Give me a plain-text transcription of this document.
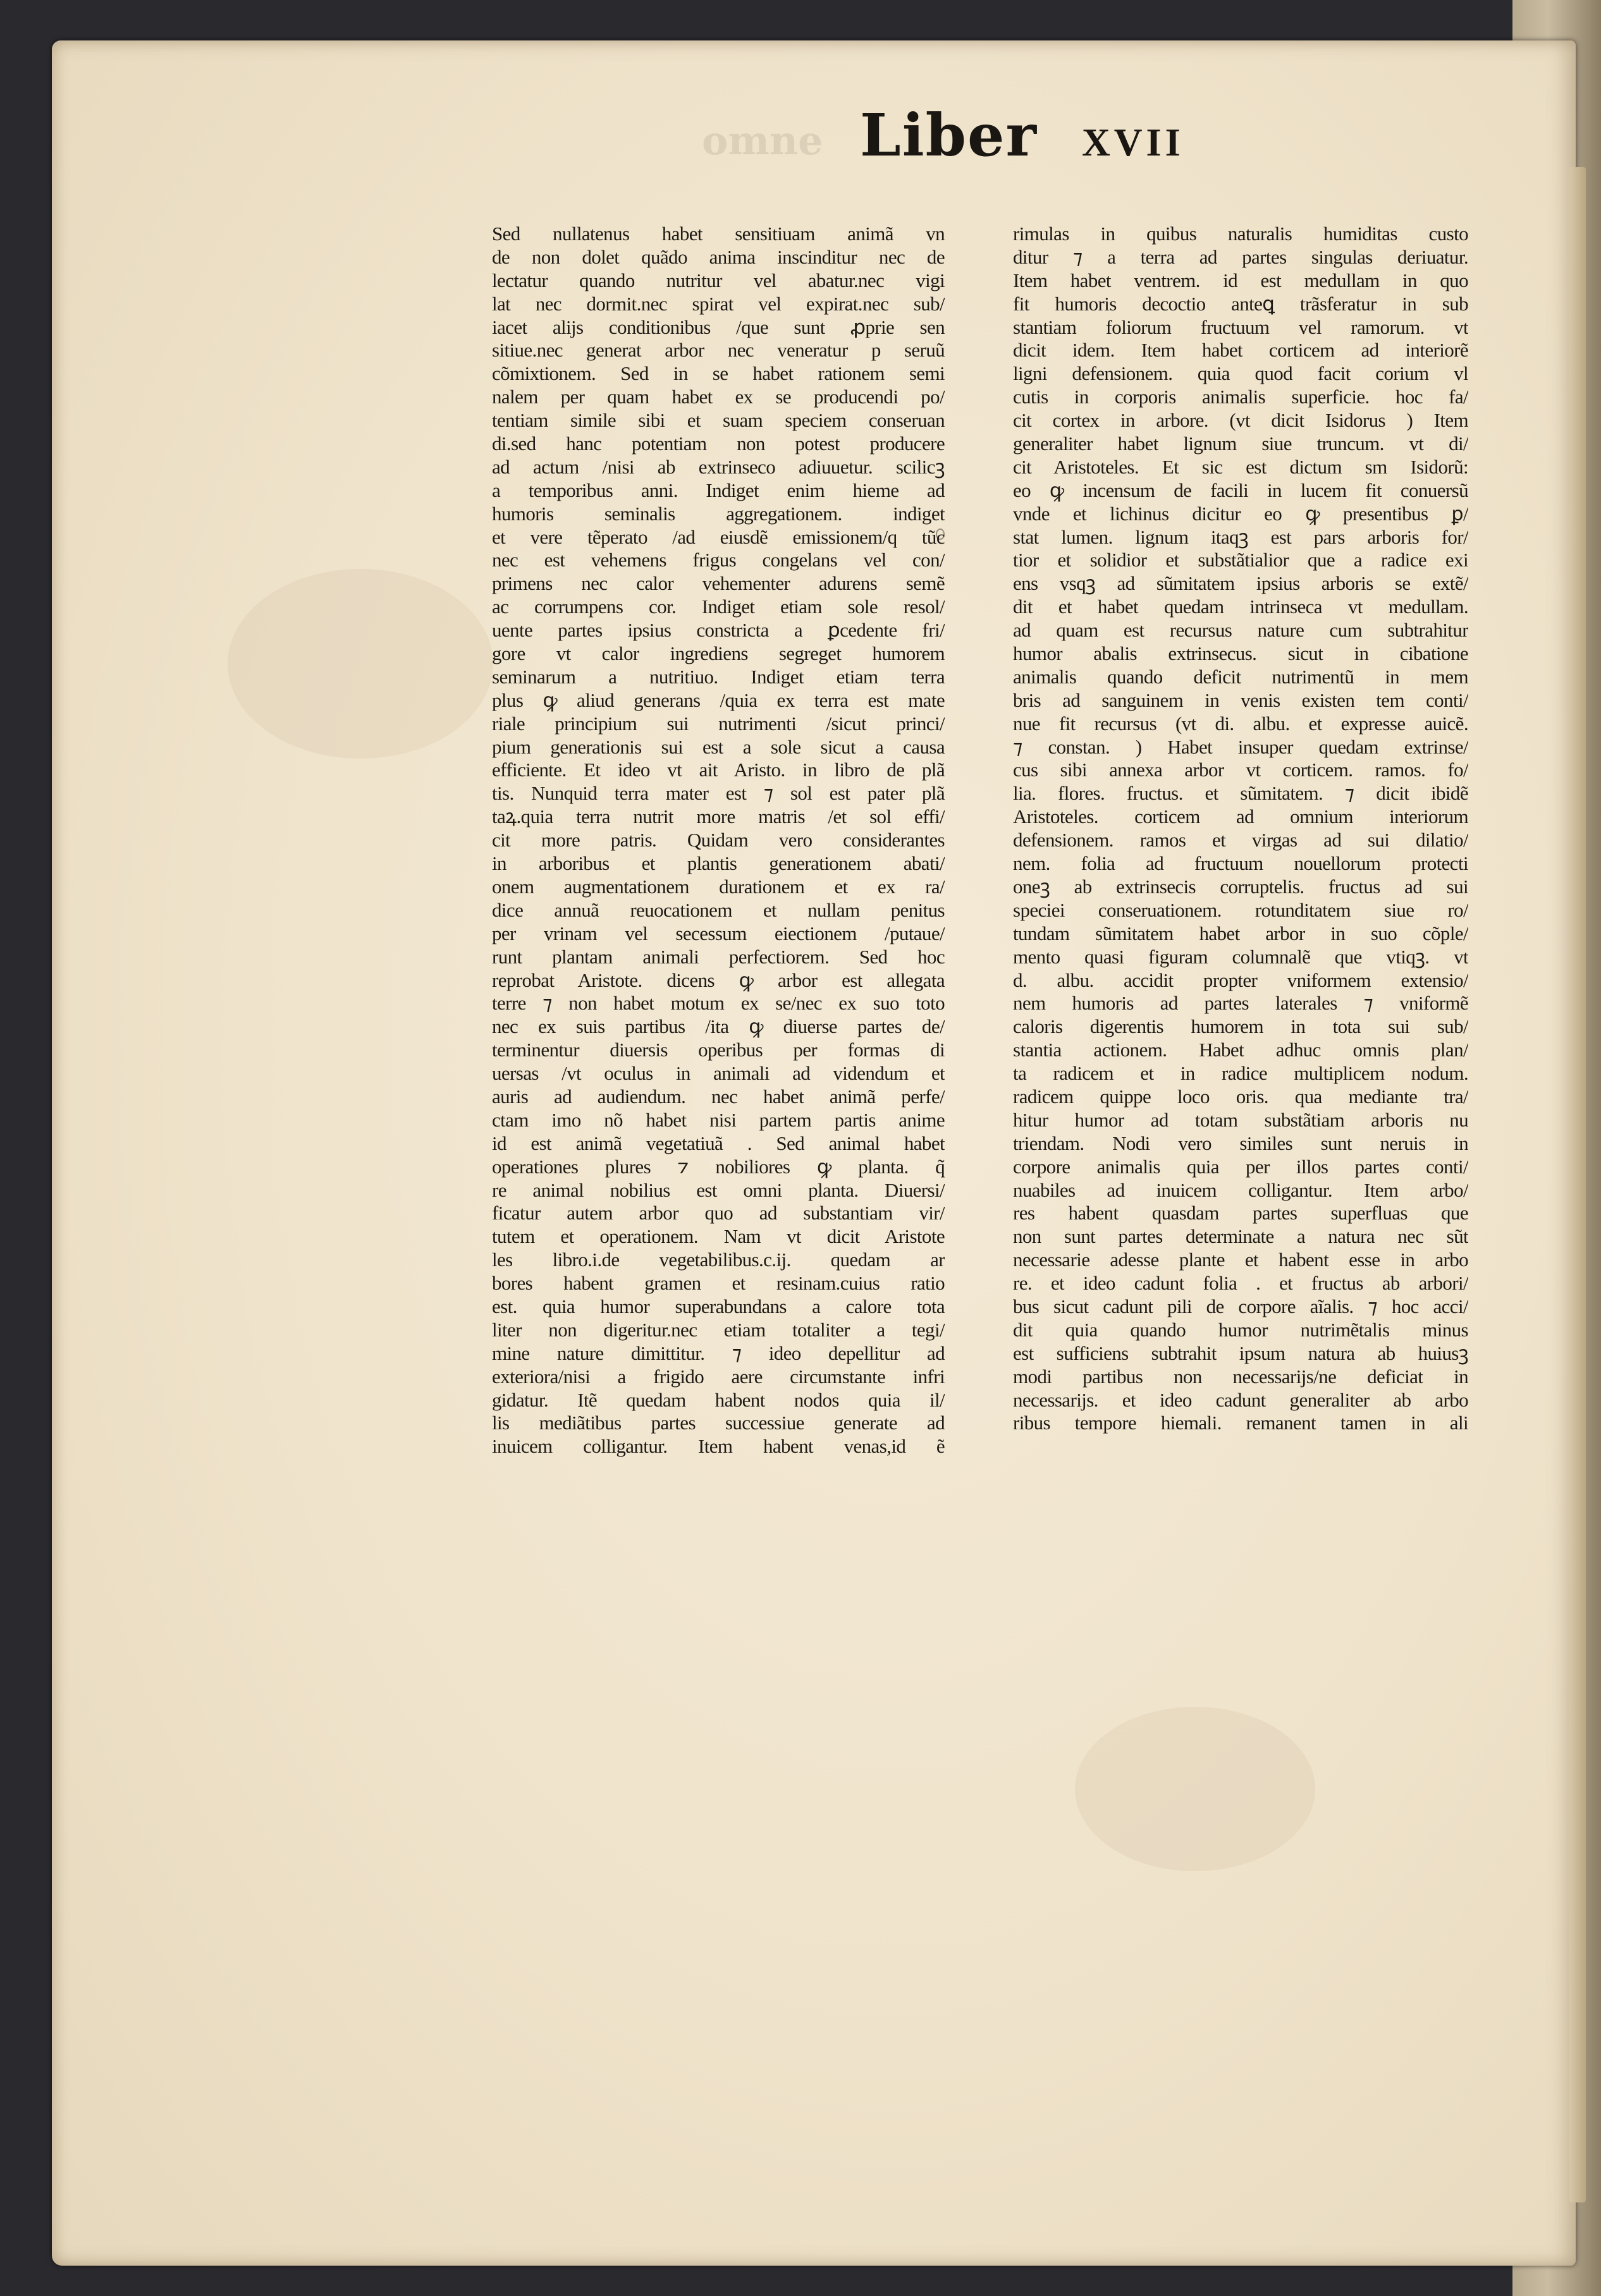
omne Liber XVII
Sed nullatenus habet sensitiuam animã vn
de non dolet quãdo anima inscinditur nec de
lectatur quando nutritur vel abatur.nec vigi
lat nec dormit.nec spirat vel expirat.nec sub/
iacet alijs conditionibus /que sunt ꝓprie sen
sitiue.nec generat arbor nec veneratur p seruũ
cõmixtionem. Sed in se habet rationem semi
nalem per quam habet ex se producendi po/
tentiam simile sibi et suam speciem conseruan
di.sed hanc potentiam non potest producere
ad actum /nisi ab extrinseco adiuuetur. scilicꝫ
a temporibus anni. Indiget enim hieme ad
humoris seminalis aggregationem. indiget
et vere tẽperato /ad eiusdẽ emissionem/q tũc
nec est vehemens frigus congelans vel con/
primens nec calor vehementer adurens semẽ
ac corrumpens cor. Indiget etiam sole resol/
uente partes ipsius constricta a ꝑcedente fri/
gore vt calor ingrediens segreget humorem
seminarum a nutritiuo. Indiget etiam terra
plus ꝙ aliud generans /quia ex terra est mate
riale principium sui nutrimenti /sicut princi/
pium generationis sui est a sole sicut a causa
efficiente. Et ideo vt ait Aristo. in libro de plã
tis. Nunquid terra mater est ⁊ sol est pater plã
taꝝ.quia terra nutrit more matris /et sol effi/
cit more patris. Quidam vero considerantes
in arboribus et plantis generationem abati/
onem augmentationem durationem et ex ra/
dice annuã reuocationem et nullam penitus
per vrinam vel secessum eiectionem /putaue/
runt plantam animali perfectiorem. Sed hoc
reprobat Aristote. dicens ꝙ arbor est allegata
terre ⁊ non habet motum ex se/nec ex suo toto
nec ex suis partibus /ita ꝙ diuerse partes de/
terminentur diuersis operibus per formas di
uersas /vt oculus in animali ad videndum et
auris ad audiendum. nec habet animã perfe/
ctam imo nõ habet nisi partem partis anime
id est animã vegetatiuã . Sed animal habet
operationes plures ⁊ nobiliores ꝙ planta. q̃
re animal nobilius est omni planta. Diuersi/
ficatur autem arbor quo ad substantiam vir/
tutem et operationem. Nam vt dicit Aristote
les libro.i.de vegetabilibus.c.ij. quedam ar
bores habent gramen et resinam.cuius ratio
est. quia humor superabundans a calore tota
liter non digeritur.nec etiam totaliter a tegi/
mine nature dimittitur. ⁊ ideo depellitur ad
exteriora/nisi a frigido aere circumstante infri
gidatur. Itẽ quedam habent nodos quia il/
lis mediãtibus partes successiue generate ad
inuicem colligantur. Item habent venas,id ẽ
rimulas in quibus naturalis humiditas custo
ditur ⁊ a terra ad partes singulas deriuatur.
Item habet ventrem. id est medullam in quo
fit humoris decoctio anteꝗ trãsferatur in sub
stantiam foliorum fructuum vel ramorum. vt
dicit idem. Item habet corticem ad interiorẽ
ligni defensionem. quia quod facit corium vl
cutis in corporis animalis superficie. hoc fa/
cit cortex in arbore. (vt dicit Isidorus ) Item
generaliter habet lignum siue truncum. vt di/
cit Aristoteles. Et sic est dictum sm Isidorũ:
eo ꝙ incensum de facili in lucem fit conuersũ
vnde et lichinus dicitur eo ꝙ presentibus ꝑ/
stat lumen. lignum itaqꝫ est pars arboris for/
tior et solidior et substãtialior que a radice exi
ens vsqꝫ ad sũmitatem ipsius arboris se extẽ/
dit et habet quedam intrinseca vt medullam.
ad quam est recursus nature cum subtrahitur
humor abalis extrinsecus. sicut in cibatione
animalis quando deficit nutrimentũ in mem
bris ad sanguinem in venis existen tem conti/
nue fit recursus (vt di. albu. et expresse auicẽ.
⁊ constan. ) Habet insuper quedam extrinse/
cus sibi annexa arbor vt corticem. ramos. fo/
lia. flores. fructus. et sũmitatem. ⁊ dicit ibidẽ
Aristoteles. corticem ad omnium interiorum
defensionem. ramos et virgas ad sui dilatio/
nem. folia ad fructuum nouellorum protecti
oneꝫ ab extrinsecis corruptelis. fructus ad sui
speciei conseruationem. rotunditatem siue ro/
tundam sũmitatem habet arbor in suo cõple/
mento quasi figuram columnalẽ que vtiqꝫ. vt
d. albu. accidit propter vniformem extensio/
nem humoris ad partes laterales ⁊ vniformẽ
caloris digerentis humorem in tota sui sub/
stantia actionem. Habet adhuc omnis plan/
ta radicem et in radice multiplicem nodum.
radicem quippe loco oris. qua mediante tra/
hitur humor ad totam substãtiam arboris nu
triendam. Nodi vero similes sunt neruis in
corpore animalis quia per illos partes conti/
nuabiles ad inuicem colligantur. Item arbo/
res habent quasdam partes superfluas que
non sunt partes determinate a natura nec sũt
necessarie adesse plante et habent esse in arbo
re. et ideo cadunt folia . et fructus ab arbori/
bus sicut cadunt pili de corpore aĩalis. ⁊ hoc acci/
dit quia quando humor nutrimẽtalis minus
est sufficiens subtrahit ipsum natura ab huiusꝫ
modi partibus non necessarijs/ne deficiat in
necessarijs. et ideo cadunt generaliter ab arbo
ribus tempore hiemali. remanent tamen in ali
